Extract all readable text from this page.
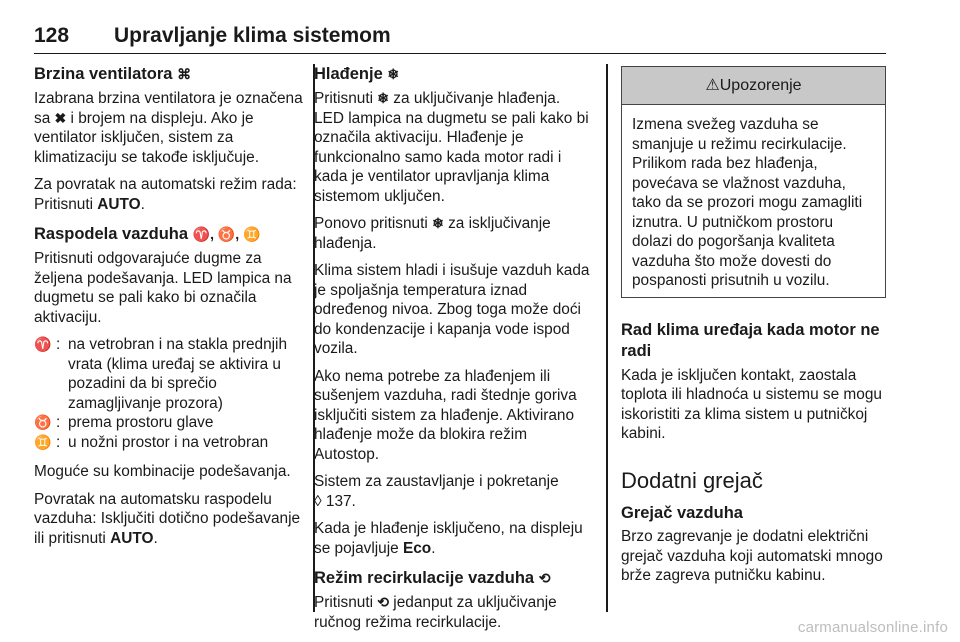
128	Upravljanje klima sistemom
Brzina ventilatora ⌘

Izabrana brzina ventilatora je označena sa ✖ i brojem na displeju. Ako je ventilator isključen, sistem za klimatizaciju se takođe isključuje.

Za povratak na automatski režim rada: Pritisnuti AUTO.

Raspodela vazduha ♈, ♉, ♊

Pritisnuti odgovarajuće dugme za željena podešavanja. LED lampica na dugmetu se pali kako bi označila aktivaciju.

♈ : na vetrobran i na stakla prednjih vrata (klima uređaj se aktivira u pozadini da bi sprečio zamagljivanje prozora)
♉ : prema prostoru glave
♊ : u nožni prostor i na vetrobran

Moguće su kombinacije podešavanja.

Povratak na automatsku raspodelu vazduha: Isključiti dotično podešavanje ili pritisnuti AUTO.

Hlađenje ❄

Pritisnuti ❄ za uključivanje hlađenja. LED lampica na dugmetu se pali kako bi označila aktivaciju. Hlađenje je funkcionalno samo kada motor radi i kada je ventilator upravljanja klima sistemom uključen.

Ponovo pritisnuti ❄ za isključivanje hlađenja.

Klima sistem hladi i isušuje vazduh kada je spoljašnja temperatura iznad određenog nivoa. Zbog toga može doći do kondenzacije i kapanja vode ispod vozila.

Ako nema potrebe za hlađenjem ili sušenjem vazduha, radi štednje goriva isključiti sistem za hlađenje. Aktivirano hlađenje može da blokira režim Autostop.

Sistem za zaustavljanje i pokretanje
◊ 137.

Kada je hlađenje isključeno, na displeju se pojavljuje Eco.

Režim recirkulacije vazduha ⟲

Pritisnuti ⟲ jedanput za uključivanje ručnog režima recirkulacije.

⚠Upozorenje
Izmena svežeg vazduha se smanjuje u režimu recirkulacije. Prilikom rada bez hlađenja, povećava se vlažnost vazduha, tako da se prozori mogu zamagliti iznutra. U putničkom prostoru dolazi do pogoršanja kvaliteta vazduha što može dovesti do pospanosti prisutnih u vozilu.
Rad klima uređaja kada motor ne radi

Kada je isključen kontakt, zaostala toplota ili hladnoća u sistemu se mogu iskoristiti za klima sistem u putničkoj kabini.

Dodatni grejač
Grejač vazduha

Brzo zagrevanje je dodatni električni grejač vazduha koji automatski mnogo brže zagreva putničku kabinu.

carmanualsonline.info
